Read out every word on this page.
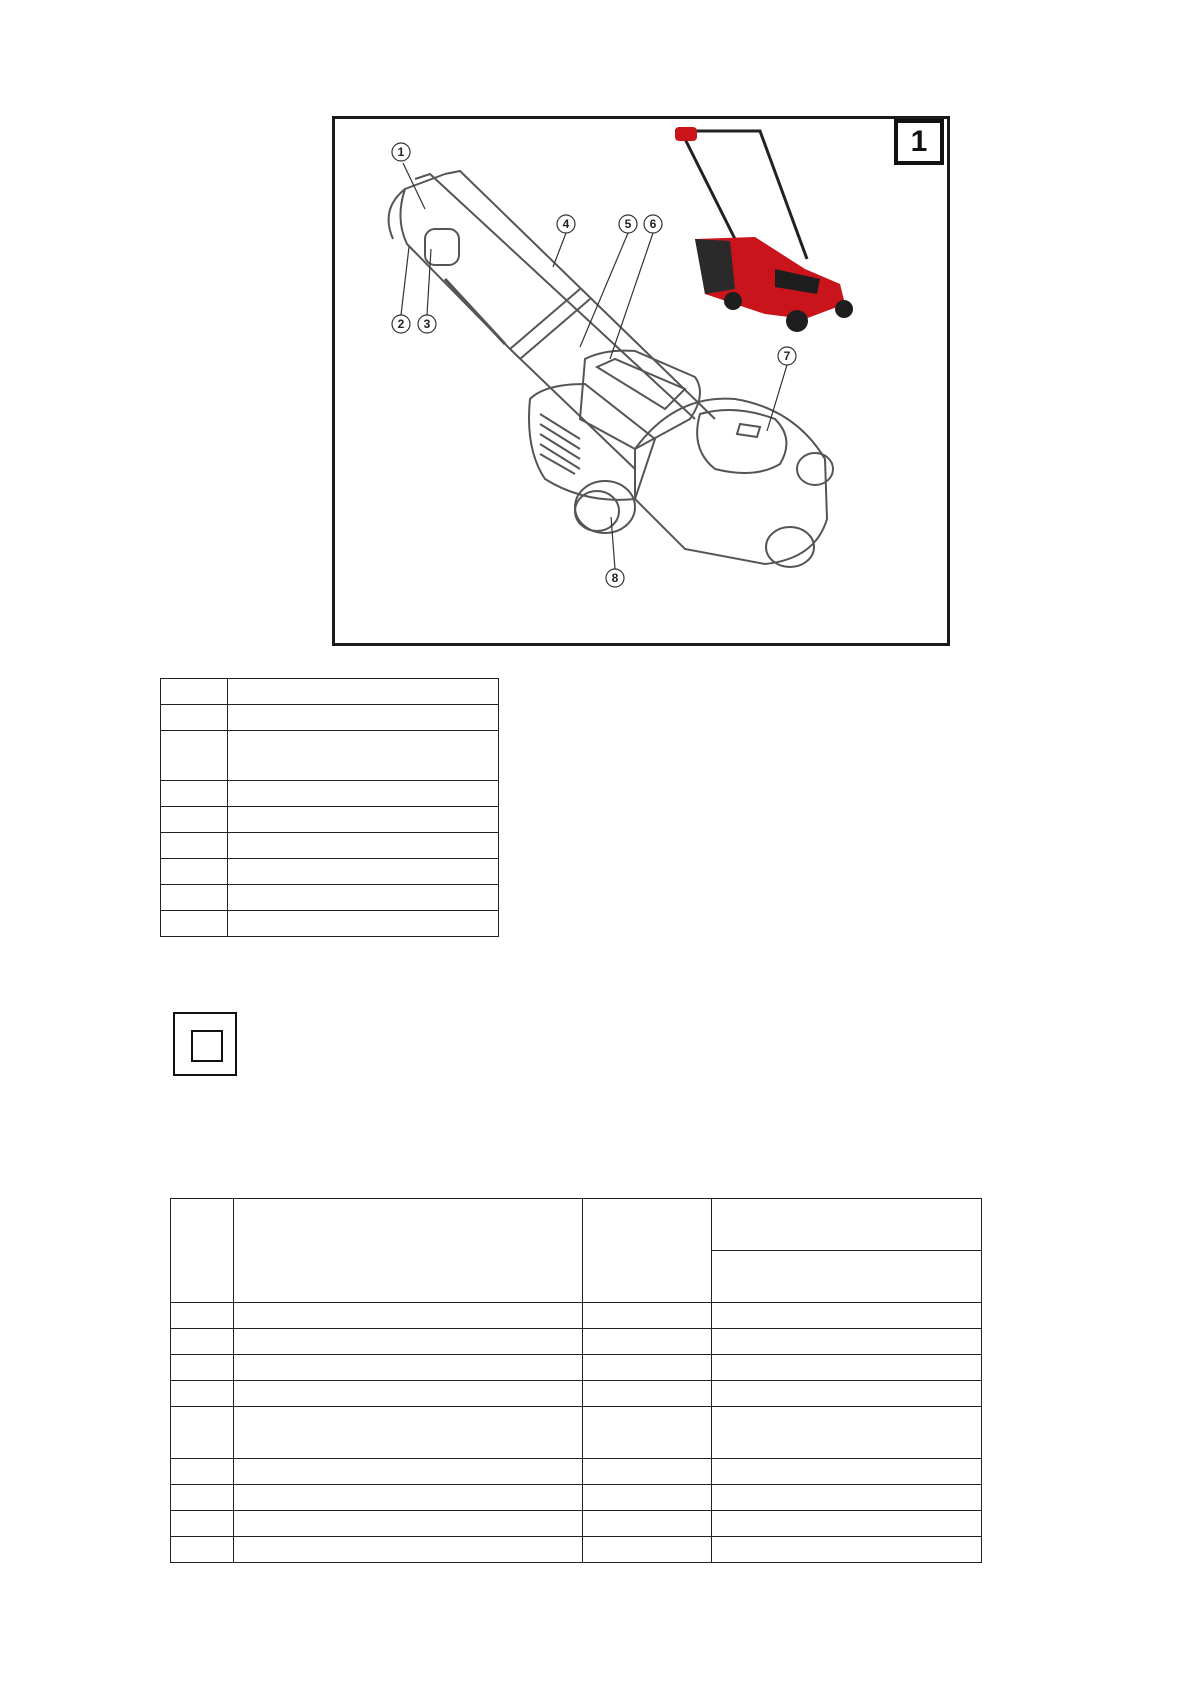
1
2 3
4	5 6
7
8
1
